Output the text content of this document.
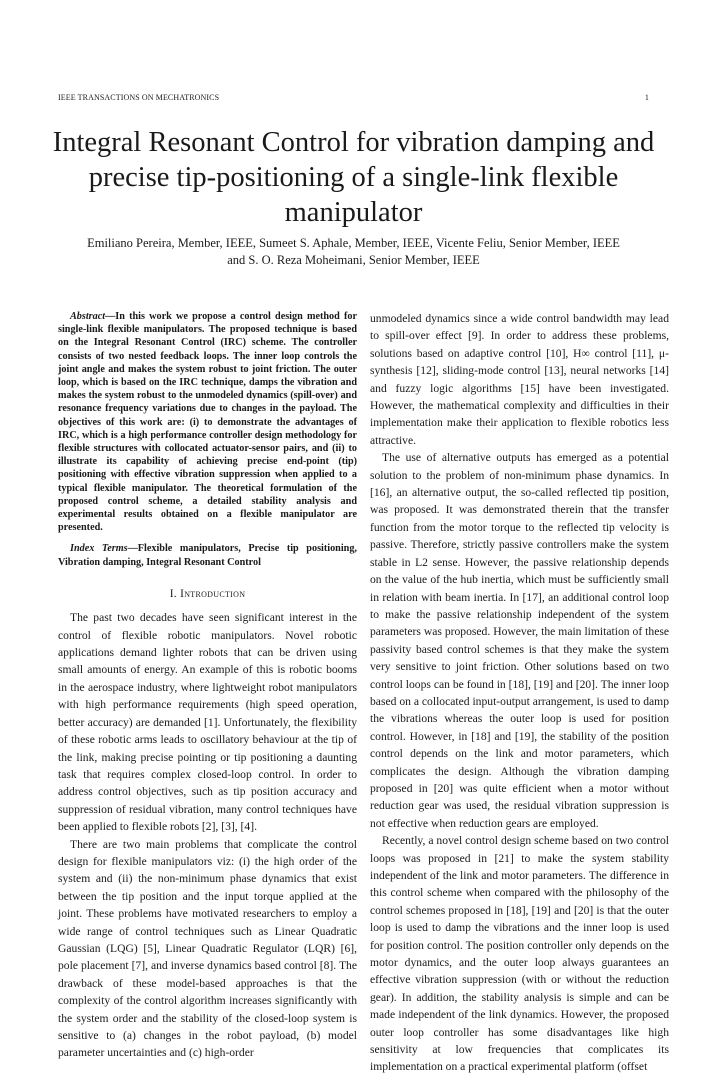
IEEE TRANSACTIONS ON MECHATRONICS	1
Integral Resonant Control for vibration damping and precise tip-positioning of a single-link flexible manipulator
Emiliano Pereira, Member, IEEE, Sumeet S. Aphale, Member, IEEE, Vicente Feliu, Senior Member, IEEE
and S. O. Reza Moheimani, Senior Member, IEEE

Abstract—In this work we propose a control design method for single-link flexible manipulators. The proposed technique is based on the Integral Resonant Control (IRC) scheme. The controller consists of two nested feedback loops. The inner loop controls the joint angle and makes the system robust to joint friction. The outer loop, which is based on the IRC technique, damps the vibration and makes the system robust to the unmodeled dynamics (spill-over) and resonance frequency variations due to changes in the payload. The objectives of this work are: (i) to demonstrate the advantages of IRC, which is a high performance controller design methodology for flexible structures with collocated actuator-sensor pairs, and (ii) to illustrate its capability of achieving precise end-point (tip) positioning with effective vibration suppression when applied to a typical flexible manipulator. The theoretical formulation of the proposed control scheme, a detailed stability analysis and experimental results obtained on a flexible manipulator are presented.

Index Terms—Flexible manipulators, Precise tip positioning, Vibration damping, Integral Resonant Control

I. Introduction

The past two decades have seen significant interest in the control of flexible robotic manipulators. Novel robotic applications demand lighter robots that can be driven using small amounts of energy. An example of this is robotic booms in the aerospace industry, where lightweight robot manipulators with high performance requirements (high speed operation, better accuracy) are demanded [1]. Unfortunately, the flexibility of these robotic arms leads to oscillatory behaviour at the tip of the link, making precise pointing or tip positioning a daunting task that requires complex closed-loop control. In order to address control objectives, such as tip position accuracy and suppression of residual vibration, many control techniques have been applied to flexible robots [2], [3], [4].

There are two main problems that complicate the control design for flexible manipulators viz: (i) the high order of the system and (ii) the non-minimum phase dynamics that exist between the tip position and the input torque applied at the joint. These problems have motivated researchers to employ a wide range of control techniques such as Linear Quadratic Gaussian (LQG) [5], Linear Quadratic Regulator (LQR) [6], pole placement [7], and inverse dynamics based control [8]. The drawback of these model-based approaches is that the complexity of the control algorithm increases significantly with the system order and the stability of the closed-loop system is sensitive to (a) changes in the robot payload, (b) model parameter uncertainties and (c) high-order

unmodeled dynamics since a wide control bandwidth may lead to spill-over effect [9]. In order to address these problems, solutions based on adaptive control [10], H∞ control [11], μ-synthesis [12], sliding-mode control [13], neural networks [14] and fuzzy logic algorithms [15] have been investigated. However, the mathematical complexity and difficulties in their implementation make their application to flexible robotics less attractive.

The use of alternative outputs has emerged as a potential solution to the problem of non-minimum phase dynamics. In [16], an alternative output, the so-called reflected tip position, was proposed. It was demonstrated therein that the transfer function from the motor torque to the reflected tip velocity is passive. Therefore, strictly passive controllers make the system stable in L2 sense. However, the passive relationship depends on the value of the hub inertia, which must be sufficiently small in relation with beam inertia. In [17], an additional control loop to make the passive relationship independent of the system parameters was proposed. However, the main limitation of these passivity based control schemes is that they make the system very sensitive to joint friction. Other solutions based on two control loops can be found in [18], [19] and [20]. The inner loop based on a collocated input-output arrangement, is used to damp the vibrations whereas the outer loop is used for position control. However, in [18] and [19], the stability of the position control depends on the link and motor parameters, which complicates the design. Although the vibration damping proposed in [20] was quite efficient when a motor without reduction gear was used, the residual vibration suppression is not effective when reduction gears are employed.

Recently, a novel control design scheme based on two control loops was proposed in [21] to make the system stability independent of the link and motor parameters. The difference in this control scheme when compared with the philosophy of the control schemes proposed in [18], [19] and [20] is that the outer loop is used to damp the vibrations and the inner loop is used for position control. The position controller only depends on the motor dynamics, and the outer loop always guarantees an effective vibration suppression (with or without the reduction gear). In addition, the stability analysis is simple and can be made independent of the link dynamics. However, the proposed outer loop controller has some disadvantages like high sensitivity at low frequencies that complicates its implementation on a practical experimental platform (offset
